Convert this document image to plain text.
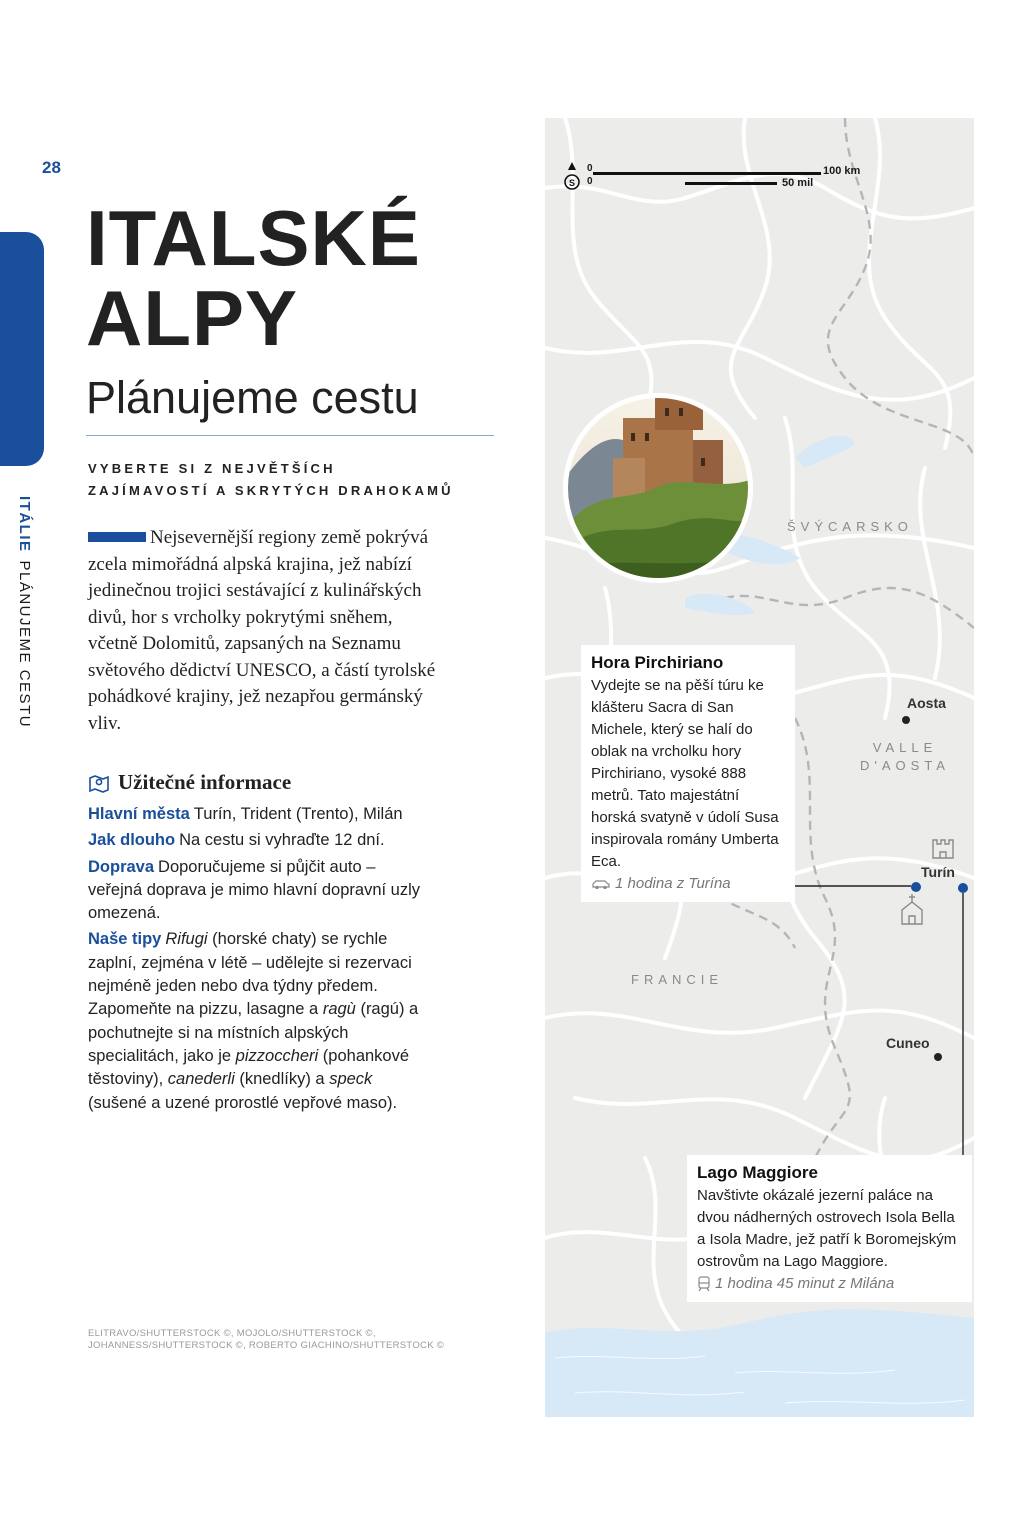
28
ITÁLIEPLÁNUJEME CESTU
ITALSKÉ
ALPY
Plánujeme cestu
VYBERTE SI Z NEJVĚTŠÍCH
ZAJÍMAVOSTÍ A SKRYTÝCH DRAHOKAMŮ
Nejsevernější regiony země pokrývá zcela mimořádná alpská krajina, jež nabízí jedinečnou trojici sestávající z kulinářských divů, hor s vrcholky pokrytými sněhem, včetně Dolomitů, zapsaných na Seznamu světového dědictví UNESCO, a částí tyrolské pohádkové krajiny, jež nezapřou germánský vliv.
Užitečné informace
Hlavní města Turín, Trident (Trento), Milán
Jak dlouho Na cestu si vyhraďte 12 dní.
Doprava Doporučujeme si půjčit auto – veřejná doprava je mimo hlavní dopravní uzly omezená.
Naše tipy Rifugi (horské chaty) se rychle zaplní, zejména v létě – udělejte si rezervaci nejméně jeden nebo dva týdny předem. Zapomeňte na pizzu, lasagne a ragù (ragú) a pochutnejte si na místních alpských specialitách, jako je pizzoccheri (pohankové těstoviny), canederli (knedlíky) a speck (sušené a uzené prorostlé vepřové maso).
ELITRAVO/SHUTTERSTOCK ©, MOJOLO/SHUTTERSTOCK ©, JOHANNESS/SHUTTERSTOCK ©, ROBERTO GIACHINO/SHUTTERSTOCK ©
S
0
0
100 km
50 mil
ŠVÝCARSKO
VALLE
D'AOSTA
FRANCIE
Aosta
Turín
Cuneo
Hora Pirchiriano
Vydejte se na pěší túru ke klášteru Sacra di San Michele, který se halí do oblak na vrcholku hory Pirchiriano, vysoké 888 metrů. Tato majestátní horská svatyně v údolí Susa inspirovala romány Umberta Eca.
1 hodina z Turína
Lago Maggiore
Navštivte okázalé jezerní paláce na dvou nádherných ostrovech Isola Bella a Isola Madre, jež patří k Boromejským ostrovům na Lago Maggiore.
1 hodina 45 minut z Milána
